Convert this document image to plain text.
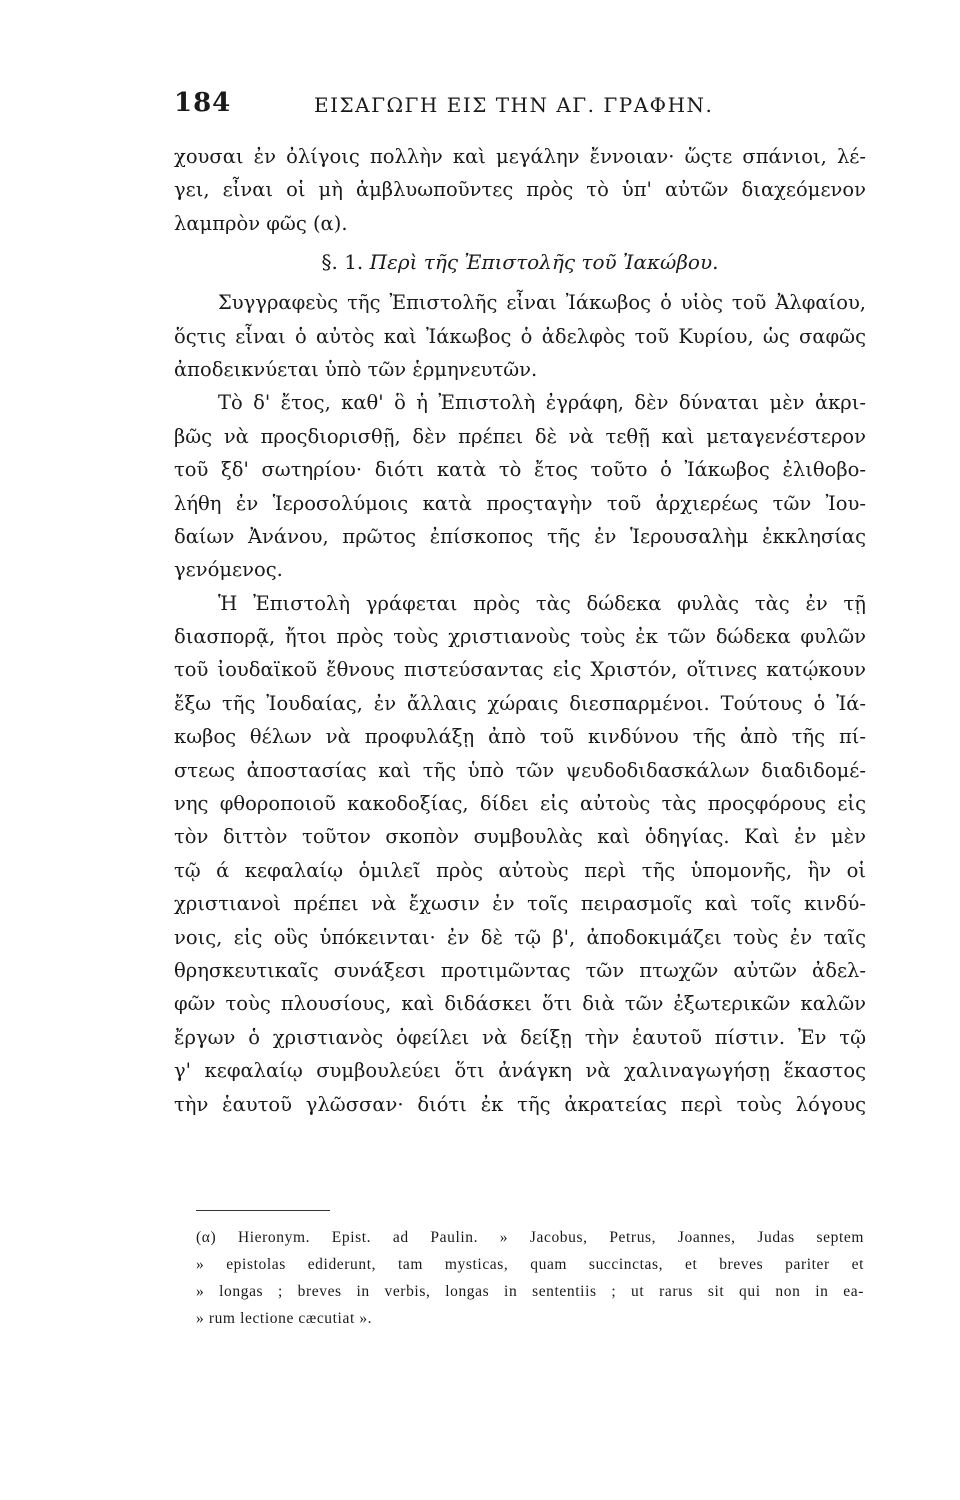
184	ΕΙΣΑΓΩΓΗ ΕΙΣ ΤΗΝ ΑΓ. ΓΡΑΦΗΝ.
χουσαι ἐν ὀλίγοις πολλὴν καὶ μεγάλην ἔννοιαν· ὥςτε σπάνιοι, λέ-
γει, εἶναι οἱ μὴ ἀμβλυωποῦντες πρὸς τὸ ὑπ' αὐτῶν διαχεόμενον
λαμπρὸν φῶς (α).
§. 1. Περὶ τῆς Ἐπιστολῆς τοῦ Ἰακώβου.
Συγγραφεὺς τῆς Ἐπιστολῆς εἶναι Ἰάκωβος ὁ υἱὸς τοῦ Ἀλφαίου,
ὅςτις εἶναι ὁ αὐτὸς καὶ Ἰάκωβος ὁ ἀδελφὸς τοῦ Κυρίου, ὡς σαφῶς
ἀποδεικνύεται ὑπὸ τῶν ἑρμηνευτῶν.
Τὸ δ' ἔτος, καθ' ὃ ἡ Ἐπιστολὴ ἐγράφη, δὲν δύναται μὲν ἀκρι-
βῶς νὰ προςδιορισθῇ, δὲν πρέπει δὲ νὰ τεθῇ καὶ μεταγενέστερον
τοῦ ξδ' σωτηρίου· διότι κατὰ τὸ ἔτος τοῦτο ὁ Ἰάκωβος ἐλιθοβο-
λήθη ἐν Ἱεροσολύμοις κατὰ προςταγὴν τοῦ ἀρχιερέως τῶν Ἰου-
δαίων Ἀνάνου, πρῶτος ἐπίσκοπος τῆς ἐν Ἱερουσαλὴμ ἐκκλησίας
γενόμενος.
Ἡ Ἐπιστολὴ γράφεται πρὸς τὰς δώδεκα φυλὰς τὰς ἐν τῇ
διασπορᾷ, ἤτοι πρὸς τοὺς χριστιανοὺς τοὺς ἐκ τῶν δώδεκα φυλῶν
τοῦ ἰουδαϊκοῦ ἔθνους πιστεύσαντας εἰς Χριστόν, οἵτινες κατῴκουν
ἔξω τῆς Ἰουδαίας, ἐν ἄλλαις χώραις διεσπαρμένοι. Τούτους ὁ Ἰά-
κωβος θέλων νὰ προφυλάξῃ ἀπὸ τοῦ κινδύνου τῆς ἀπὸ τῆς πί-
στεως ἀποστασίας καὶ τῆς ὑπὸ τῶν ψευδοδιδασκάλων διαδιδομέ-
νης φθοροποιοῦ κακοδοξίας, δίδει εἰς αὐτοὺς τὰς προςφόρους εἰς
τὸν διττὸν τοῦτον σκοπὸν συμβουλὰς καὶ ὁδηγίας. Καὶ ἐν μὲν
τῷ ά κεφαλαίῳ ὁμιλεῖ πρὸς αὐτοὺς περὶ τῆς ὑπομονῆς, ἣν οἱ
χριστιανοὶ πρέπει νὰ ἔχωσιν ἐν τοῖς πειρασμοῖς καὶ τοῖς κινδύ-
νοις, εἰς οὓς ὑπόκεινται· ἐν δὲ τῷ β', ἀποδοκιμάζει τοὺς ἐν ταῖς
θρησκευτικαῖς συνάξεσι προτιμῶντας τῶν πτωχῶν αὐτῶν ἀδελ-
φῶν τοὺς πλουσίους, καὶ διδάσκει ὅτι διὰ τῶν ἐξωτερικῶν καλῶν
ἔργων ὁ χριστιανὸς ὀφείλει νὰ δείξῃ τὴν ἑαυτοῦ πίστιν. Ἐν τῷ
γ' κεφαλαίῳ συμβουλεύει ὅτι ἀνάγκη νὰ χαλιναγωγήσῃ ἕκαστος
τὴν ἑαυτοῦ γλῶσσαν· διότι ἐκ τῆς ἀκρατείας περὶ τοὺς λόγους
(α) Hieronym. Epist. ad Paulin. » Jacobus, Petrus, Joannes, Judas septem
» epistolas ediderunt, tam mysticas, quam succinctas, et breves pariter et
» longas ; breves in verbis, longas in sententiis ; ut rarus sit qui non in ea-
» rum lectione cæcutiat ».
